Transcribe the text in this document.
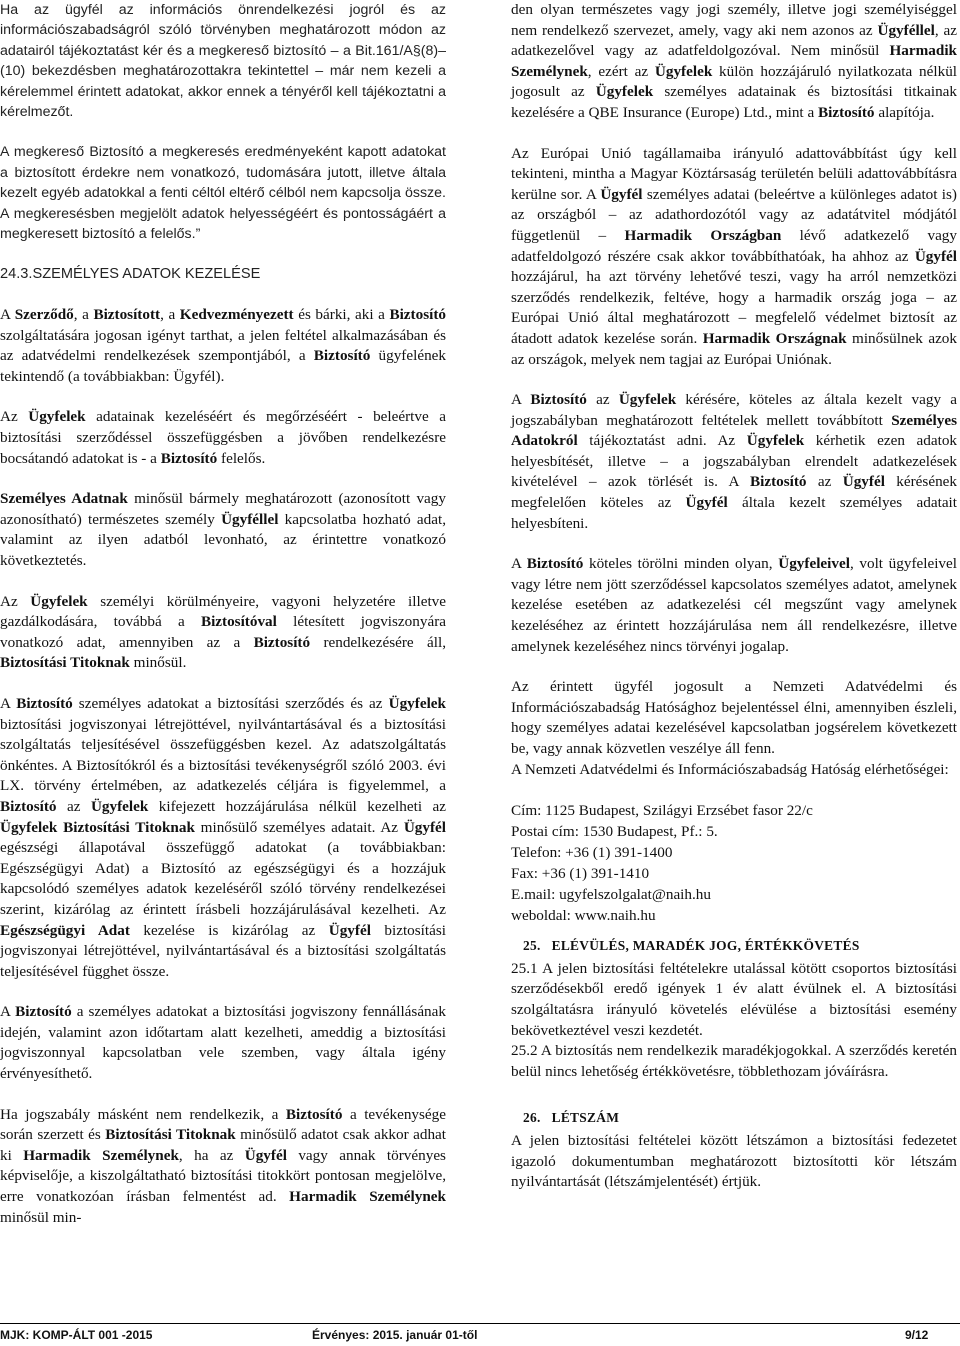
Ha az ügyfél az információs önrendelkezési jogról és az információszabadságról szóló törvényben meghatározott módon az adatairól tájékoztatást kér és a megkereső biztosító – a Bit.161/A§(8)–(10) bekezdésben meghatározottakra tekintettel – már nem kezeli a kérelemmel érintett adatokat, akkor ennek a tényéről kell tájékoztatni a kérelmezőt.

A megkereső Biztosító a megkeresés eredményeként kapott adatokat a biztosított érdekre nem vonatkozó, tudomására jutott, illetve általa kezelt egyéb adatokkal a fenti céltól eltérő célból nem kapcsolja össze. A megkeresésben megjelölt adatok helyességéért és pontosságáért a megkeresett biztosító a felelős.”

24.3.SZEMÉLYES ADATOK KEZELÉSE

A Szerződő, a Biztosított, a Kedvezményezett és bárki, aki a Biztosító szolgáltatására jogosan igényt tarthat, a jelen feltétel alkalmazásában és az adatvédelmi rendelkezések szempontjából, a Biztosító ügyfelének tekintendő (a továbbiakban: Ügyfél).

Az Ügyfelek adatainak kezeléséért és megőrzéséért - beleértve a biztosítási szerződéssel összefüggésben a jövőben rendelkezésre bocsátandó adatokat is - a Biztosító felelős.

Személyes Adatnak minősül bármely meghatározott (azonosított vagy azonosítható) természetes személy Ügyféllel kapcsolatba hozható adat, valamint az ilyen adatból levonható, az érintettre vonatkozó következtetés.

Az Ügyfelek személyi körülményeire, vagyoni helyzetére illetve gazdálkodására, továbbá a Biztosítóval létesített jogviszonyára vonatkozó adat, amennyiben az a Biztosító rendelkezésére áll, Biztosítási Titoknak minősül.

A Biztosító személyes adatokat a biztosítási szerződés és az Ügyfelek biztosítási jogviszonyai létrejöttével, nyilvántartásával és a biztosítási szolgáltatás teljesítésével összefüggésben kezel. Az adatszolgáltatás önkéntes. A Biztosítókról és a biztosítási tevékenységről szóló 2003. évi LX. törvény értelmében, az adatkezelés céljára is figyelemmel, a Biztosító az Ügyfelek kifejezett hozzájárulása nélkül kezelheti az Ügyfelek Biztosítási Titoknak minősülő személyes adatait. Az Ügyfél egészségi állapotával összefüggő adatokat (a továbbiakban: Egészségügyi Adat) a Biztosító az egészségügyi és a hozzájuk kapcsolódó személyes adatok kezeléséről szóló törvény rendelkezései szerint, kizárólag az érintett írásbeli hozzájárulásával kezelheti. Az Egészségügyi Adat kezelése is kizárólag az Ügyfél biztosítási jogviszonyai létrejöttével, nyilvántartásával és a biztosítási szolgáltatás teljesítésével függhet össze.

A Biztosító a személyes adatokat a biztosítási jogviszony fennállásának idején, valamint azon időtartam alatt kezelheti, ameddig a biztosítási jogviszonnyal kapcsolatban vele szemben, vagy általa igény érvényesíthető.

Ha jogszabály másként nem rendelkezik, a Biztosító a tevékenysége során szerzett és Biztosítási Titoknak minősülő adatot csak akkor adhat ki Harmadik Személynek, ha az Ügyfél vagy annak törvényes képviselője, a kiszolgáltatható biztosítási titokkört pontosan megjelölve, erre vonatkozóan írásban felmentést ad. Harmadik Személynek minősül min-

den olyan természetes vagy jogi személy, illetve jogi személyiséggel nem rendelkező szervezet, amely, vagy aki nem azonos az Ügyféllel, az adatkezelővel vagy az adatfeldolgozóval. Nem minősül Harmadik Személynek, ezért az Ügyfelek külön hozzájáruló nyilatkozata nélkül jogosult az Ügyfelek személyes adatainak és biztosítási titkainak kezelésére a QBE Insurance (Europe) Ltd., mint a Biztosító alapítója.

Az Európai Unió tagállamaiba irányuló adattovábbítást úgy kell tekinteni, mintha a Magyar Köztársaság területén belüli adattovábbításra kerülne sor. A Ügyfél személyes adatai (beleértve a különleges adatot is) az országból – az adathordozótól vagy az adatátvitel módjától függetlenül – Harmadik Országban lévő adatkezelő vagy adatfeldolgozó részére csak akkor továbbíthatóak, ha ahhoz az Ügyfél hozzájárul, ha azt törvény lehetővé teszi, vagy ha arról nemzetközi szerződés rendelkezik, feltéve, hogy a harmadik ország joga – az Európai Unió által meghatározott – megfelelő védelmet biztosít az átadott adatok kezelése során. Harmadik Országnak minősülnek azok az országok, melyek nem tagjai az Európai Uniónak.

A Biztosító az Ügyfelek kérésére, köteles az általa kezelt vagy a jogszabályban meghatározott feltételek mellett továbbított Személyes Adatokról tájékoztatást adni. Az Ügyfelek kérhetik ezen adatok helyesbítését, illetve – a jogszabályban elrendelt adatkezelések kivételével – azok törlését is. A Biztosító az Ügyfél kérésének megfelelően köteles az Ügyfél általa kezelt személyes adatait helyesbíteni.

A Biztosító köteles törölni minden olyan, Ügyfeleivel, volt ügyfeleivel vagy létre nem jött szerződéssel kapcsolatos személyes adatot, amelynek kezelése esetében az adatkezelési cél megszűnt vagy amelynek kezeléséhez az érintett hozzájárulása nem áll rendelkezésre, illetve amelynek kezeléséhez nincs törvényi jogalap.

Az érintett ügyfél jogosult a Nemzeti Adatvédelmi és Információszabadság Hatósághoz bejelentéssel élni, amennyiben észleli, hogy személyes adatai kezelésével kapcsolatban jogsérelem következett be, vagy annak közvetlen veszélye áll fenn.

A Nemzeti Adatvédelmi és Információszabadság Hatóság elérhetőségei:

Cím: 1125 Budapest, Szilágyi Erzsébet fasor 22/c
Postai cím: 1530 Budapest, Pf.: 5.
Telefon: +36 (1) 391-1400
Fax: +36 (1) 391-1410
E.mail: ugyfelszolgalat@naih.hu
weboldal: www.naih.hu
25. ELÉVÜLÉS, MARADÉK JOG, ÉRTÉKKÖVETÉS

25.1 A jelen biztosítási feltételekre utalással kötött csoportos biztosítási szerződésekből eredő igények 1 év alatt évülnek el. A biztosítási szolgáltatásra irányuló követelés elévülése a biztosítási esemény bekövetkeztével veszi kezdetét.

25.2 A biztosítás nem rendelkezik maradékjogokkal. A szerződés keretén belül nincs lehetőség értékkövetésre, többlethozam jóváírásra.

26. LÉTSZÁM

A jelen biztosítási feltételei között létszámon a biztosítási fedezetet igazoló dokumentumban meghatározott biztosítotti kör létszám nyilvántartását (létszámjelentését) értjük.

MJK: KOMP-ÁLT 001 -2015	Érvényes: 2015. január 01-től	9/12
